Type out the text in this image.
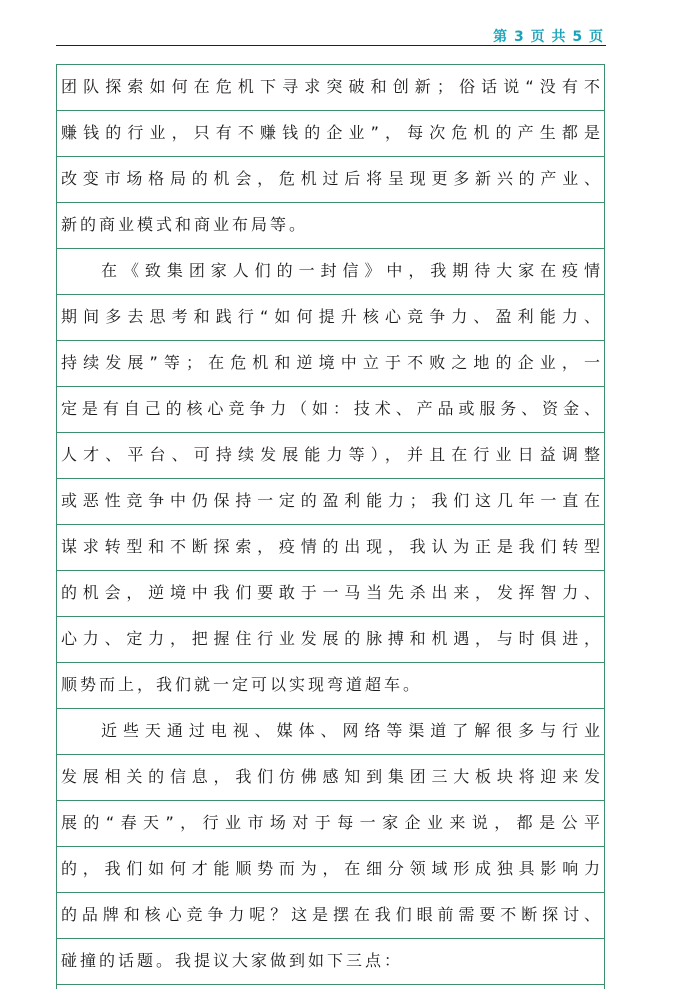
第 3 页 共 5 页
团队探索如何在危机下寻求突破和创新；俗话说“没有不
赚钱的行业，只有不赚钱的企业”，每次危机的产生都是
改变市场格局的机会，危机过后将呈现更多新兴的产业、
新的商业模式和商业布局等。
在《致集团家人们的一封信》中，我期待大家在疫情
期间多去思考和践行“如何提升核心竞争力、盈利能力、
持续发展”等；在危机和逆境中立于不败之地的企业，一
定是有自己的核心竞争力（如：技术、产品或服务、资金、
人才、平台、可持续发展能力等），并且在行业日益调整
或恶性竞争中仍保持一定的盈利能力；我们这几年一直在
谋求转型和不断探索，疫情的出现，我认为正是我们转型
的机会，逆境中我们要敢于一马当先杀出来，发挥智力、
心力、定力，把握住行业发展的脉搏和机遇，与时俱进，
顺势而上，我们就一定可以实现弯道超车。
近些天通过电视、媒体、网络等渠道了解很多与行业
发展相关的信息，我们仿佛感知到集团三大板块将迎来发
展的“春天”，行业市场对于每一家企业来说，都是公平
的，我们如何才能顺势而为，在细分领域形成独具影响力
的品牌和核心竞争力呢？这是摆在我们眼前需要不断探讨、
碰撞的话题。我提议大家做到如下三点：
